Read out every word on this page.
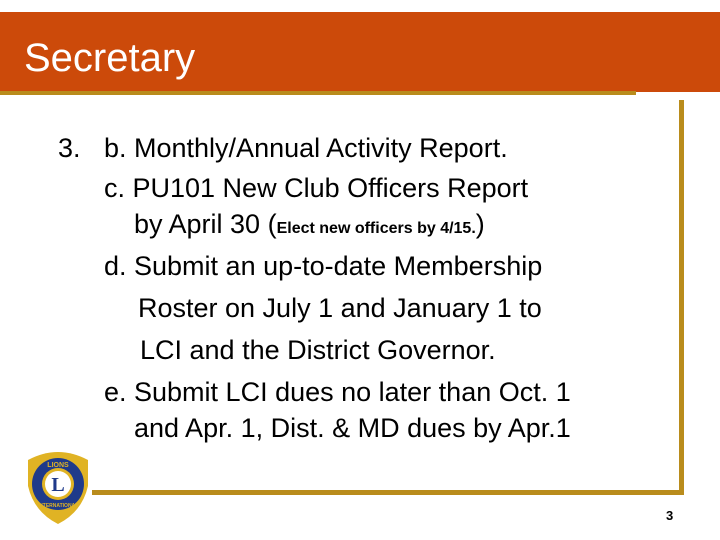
Secretary
3. b. Monthly/Annual Activity Report.
c. PU101 New Club Officers Report
by April 30 (Elect new officers by 4/15.)
d. Submit an up-to-date Membership
Roster on July 1 and January 1 to
LCI and the District Governor.
e. Submit LCI dues no later than Oct. 1
and Apr. 1, Dist. & MD dues by Apr.1
L
LIONS
INTERNATIONAL
3
